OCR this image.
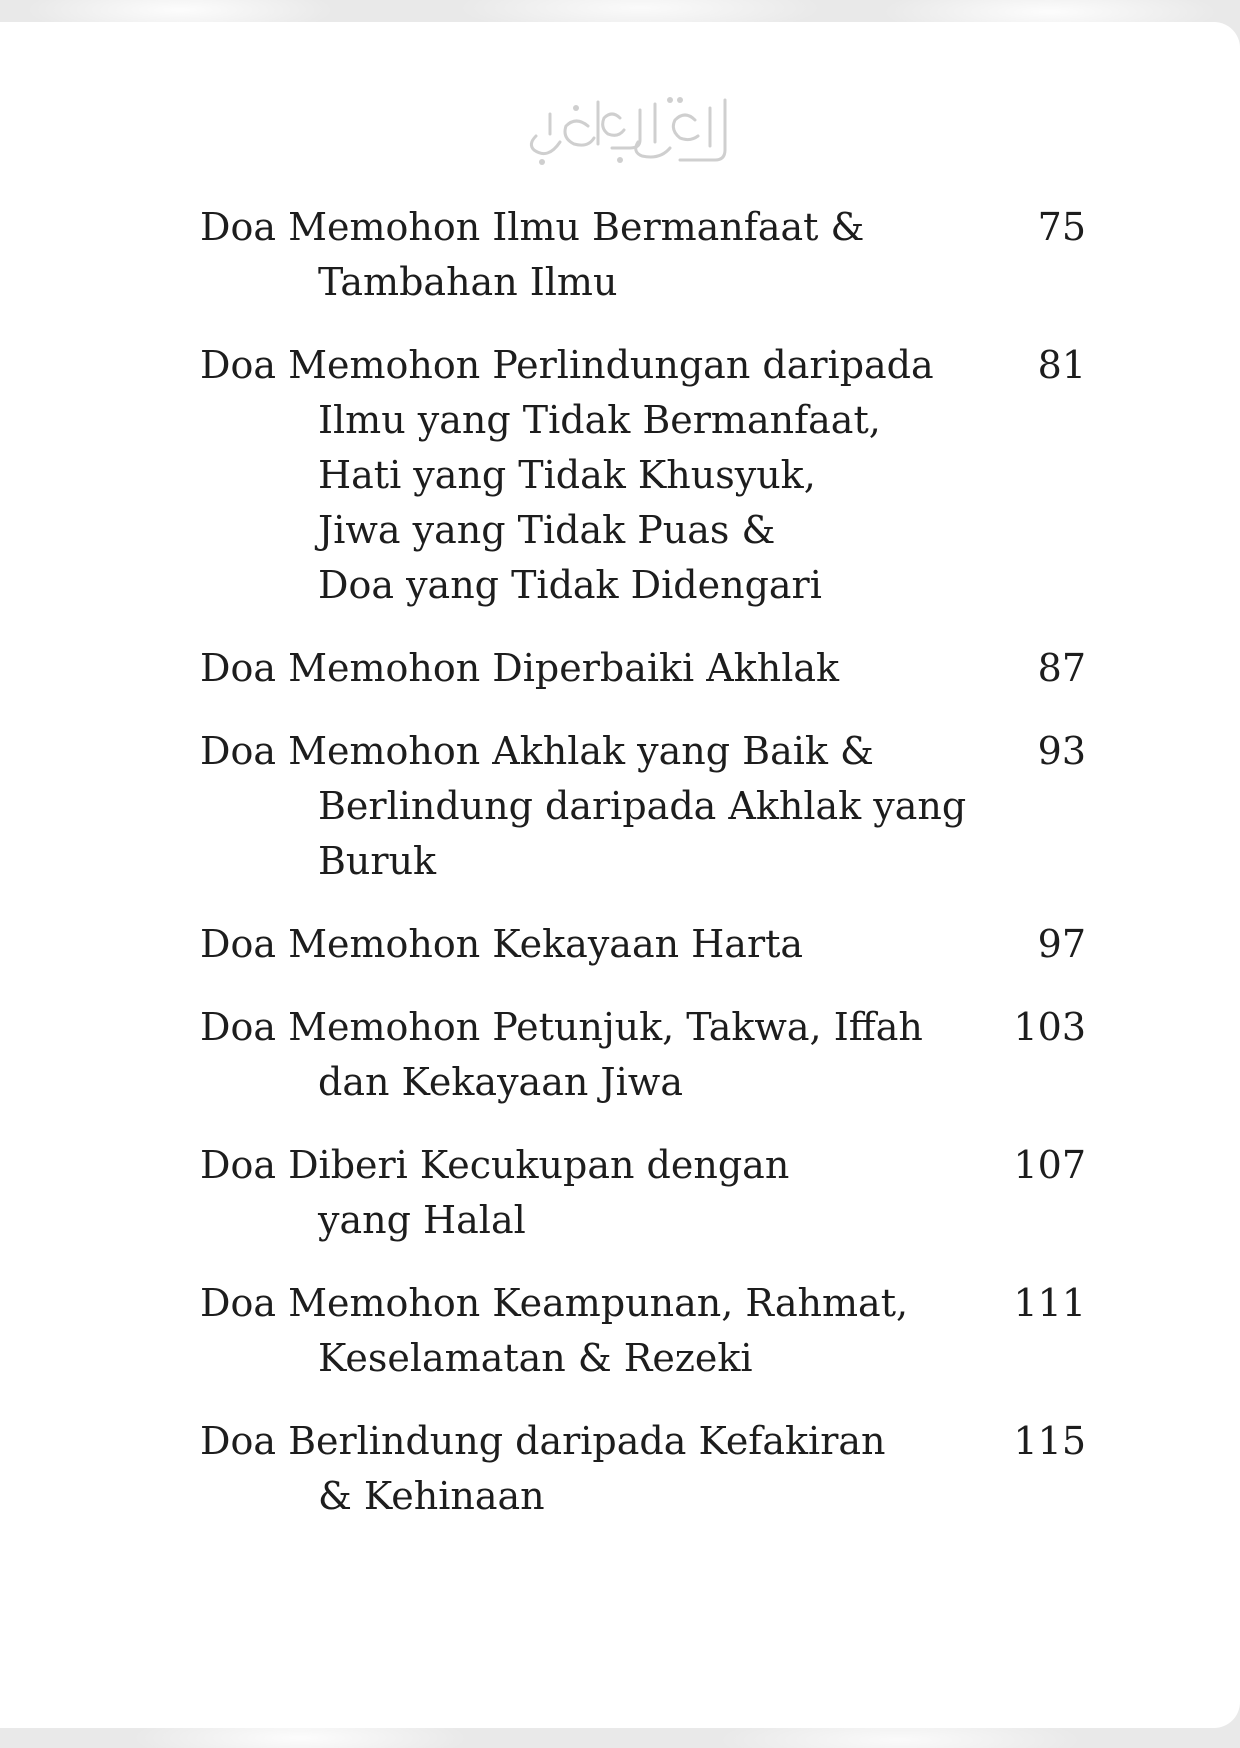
Doa Memohon Ilmu Bermanfaat &
Tambahan Ilmu
75
Doa Memohon Perlindungan daripada
Ilmu yang Tidak Bermanfaat,
Hati yang Tidak Khusyuk,
Jiwa yang Tidak Puas &
Doa yang Tidak Didengari
81
Doa Memohon Diperbaiki Akhlak	87
Doa Memohon Akhlak yang Baik &
Berlindung daripada Akhlak yang
Buruk
93
Doa Memohon Kekayaan Harta	97
Doa Memohon Petunjuk, Takwa, Iffah
dan Kekayaan Jiwa
103
Doa Diberi Kecukupan dengan
yang Halal
107
Doa Memohon Keampunan, Rahmat,
Keselamatan & Rezeki
111
Doa Berlindung daripada Kefakiran
& Kehinaan
115
